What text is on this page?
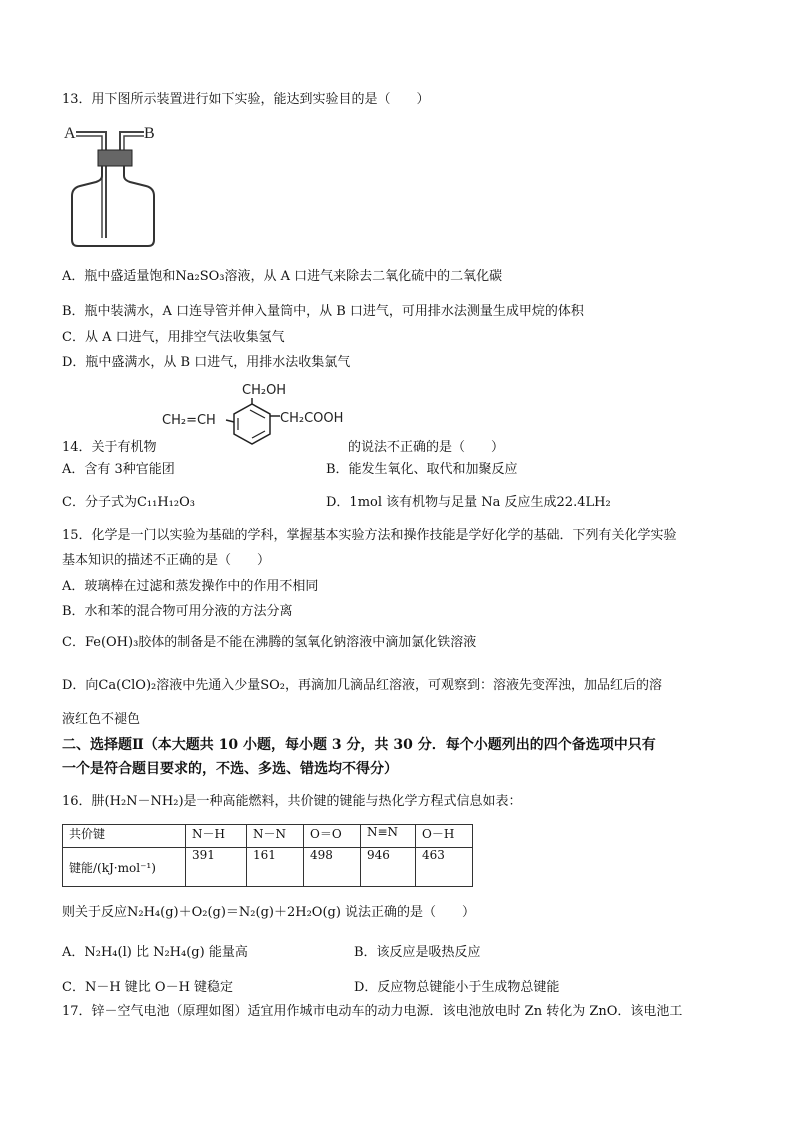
13．用下图所示装置进行如下实验，能达到实验目的是（　　）
A	B
A．瓶中盛适量饱和Na₂SO₃溶液，从 A 口进气来除去二氧化硫中的二氧化碳
B．瓶中装满水，A 口连导管并伸入量筒中，从 B 口进气，可用排水法测量生成甲烷的体积
C．从 A 口进气，用排空气法收集氢气
D．瓶中盛满水，从 B 口进气，用排水法收集氯气
CH₂OH
CH₂=CH	CH₂COOH
14．关于有机物	的说法不正确的是（　　）
A．含有 3种官能团	B．能发生氧化、取代和加聚反应
C．分子式为C₁₁H₁₂O₃	D．1mol 该有机物与足量 Na 反应生成22.4LH₂
15．化学是一门以实验为基础的学科，掌握基本实验方法和操作技能是学好化学的基础．下列有关化学实验
基本知识的描述不正确的是（　　）
A．玻璃棒在过滤和蒸发操作中的作用不相同
B．水和苯的混合物可用分液的方法分离
C．Fe(OH)₃胶体的制备是不能在沸腾的氢氧化钠溶液中滴加氯化铁溶液
D．向Ca(ClO)₂溶液中先通入少量SO₂，再滴加几滴品红溶液，可观察到：溶液先变浑浊，加品红后的溶
液红色不褪色
二、选择题Ⅱ（本大题共 10 小题，每小题 3 分，共 30 分．每个小题列出的四个备选项中只有
一个是符合题目要求的，不选、多选、错选均不得分）
16．肼(H₂N－NH₂)是一种高能燃料，共价键的键能与热化学方程式信息如表：
共价键	N－H	N－N	O＝O	N≡N	O－H
键能/(kJ·mol⁻¹)	391	161	498	946	463
则关于反应N₂H₄(g)＋O₂(g)＝N₂(g)＋2H₂O(g) 说法正确的是（　　）
A．N₂H₄(l) 比 N₂H₄(g) 能量高	B．该反应是吸热反应
C．N－H 键比 O－H 键稳定	D．反应物总键能小于生成物总键能
17．锌－空气电池（原理如图）适宜用作城市电动车的动力电源．该电池放电时 Zn 转化为 ZnO．该电池工
